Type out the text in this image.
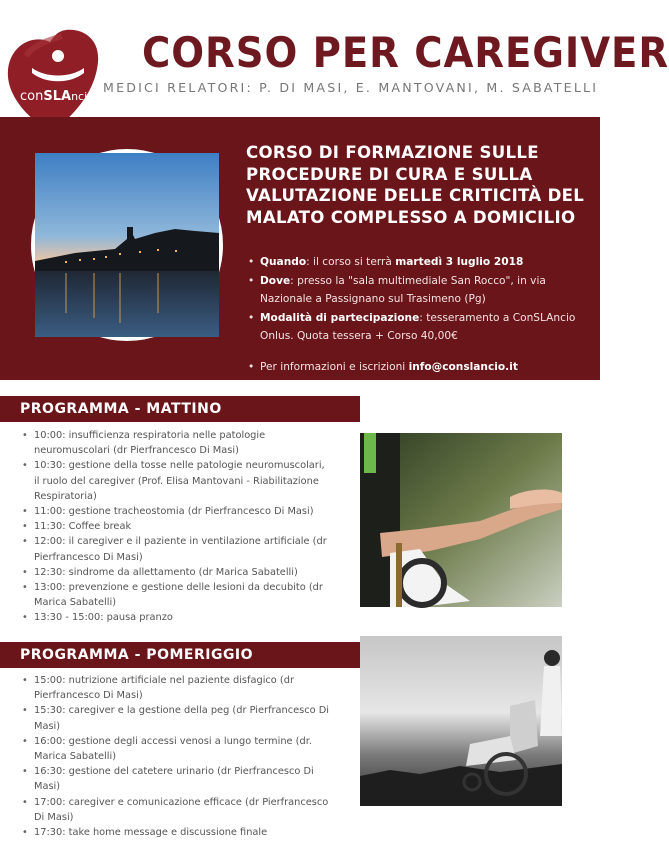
conSLAncio
CORSO PER CAREGIVER
MEDICI RELATORI: P. DI MASI, E. MANTOVANI, M. SABATELLI
CORSO DI FORMAZIONE SULLE
PROCEDURE DI CURA E SULLA
VALUTAZIONE DELLE CRITICITÀ DEL
MALATO COMPLESSO A DOMICILIO
• Quando: il corso si terrà martedì 3 luglio 2018
• Dove: presso la "sala multimediale San Rocco", in via Nazionale a Passignano sul Trasimeno (Pg)
• Modalità di partecipazione: tesseramento a ConSLAncio Onlus. Quota tessera + Corso 40,00€
• Per informazioni e iscrizioni info@conslancio.it
PROGRAMMA - MATTINO
• 10:00: insufficienza respiratoria nelle patologie neuromuscolari (dr Pierfrancesco Di Masi)
• 10:30: gestione della tosse nelle patologie neuromuscolari, il ruolo del caregiver (Prof. Elisa Mantovani - Riabilitazione Respiratoria)
• 11:00: gestione tracheostomia (dr Pierfrancesco Di Masi)
• 11:30: Coffee break
• 12:00: il caregiver e il paziente in ventilazione artificiale (dr Pierfrancesco Di Masi)
• 12:30: sindrome da allettamento (dr Marica Sabatelli)
• 13:00: prevenzione e gestione delle lesioni da decubito (dr Marica Sabatelli)
• 13:30 - 15:00: pausa pranzo
PROGRAMMA - POMERIGGIO
• 15:00: nutrizione artificiale nel paziente disfagico (dr Pierfrancesco Di Masi)
• 15:30: caregiver e la gestione della peg (dr Pierfrancesco Di Masi)
• 16:00: gestione degli accessi venosi a lungo termine (dr. Marica Sabatelli)
• 16:30: gestione del catetere urinario (dr Pierfrancesco Di Masi)
• 17:00: caregiver e comunicazione efficace (dr Pierfrancesco Di Masi)
• 17:30: take home message e discussione finale
